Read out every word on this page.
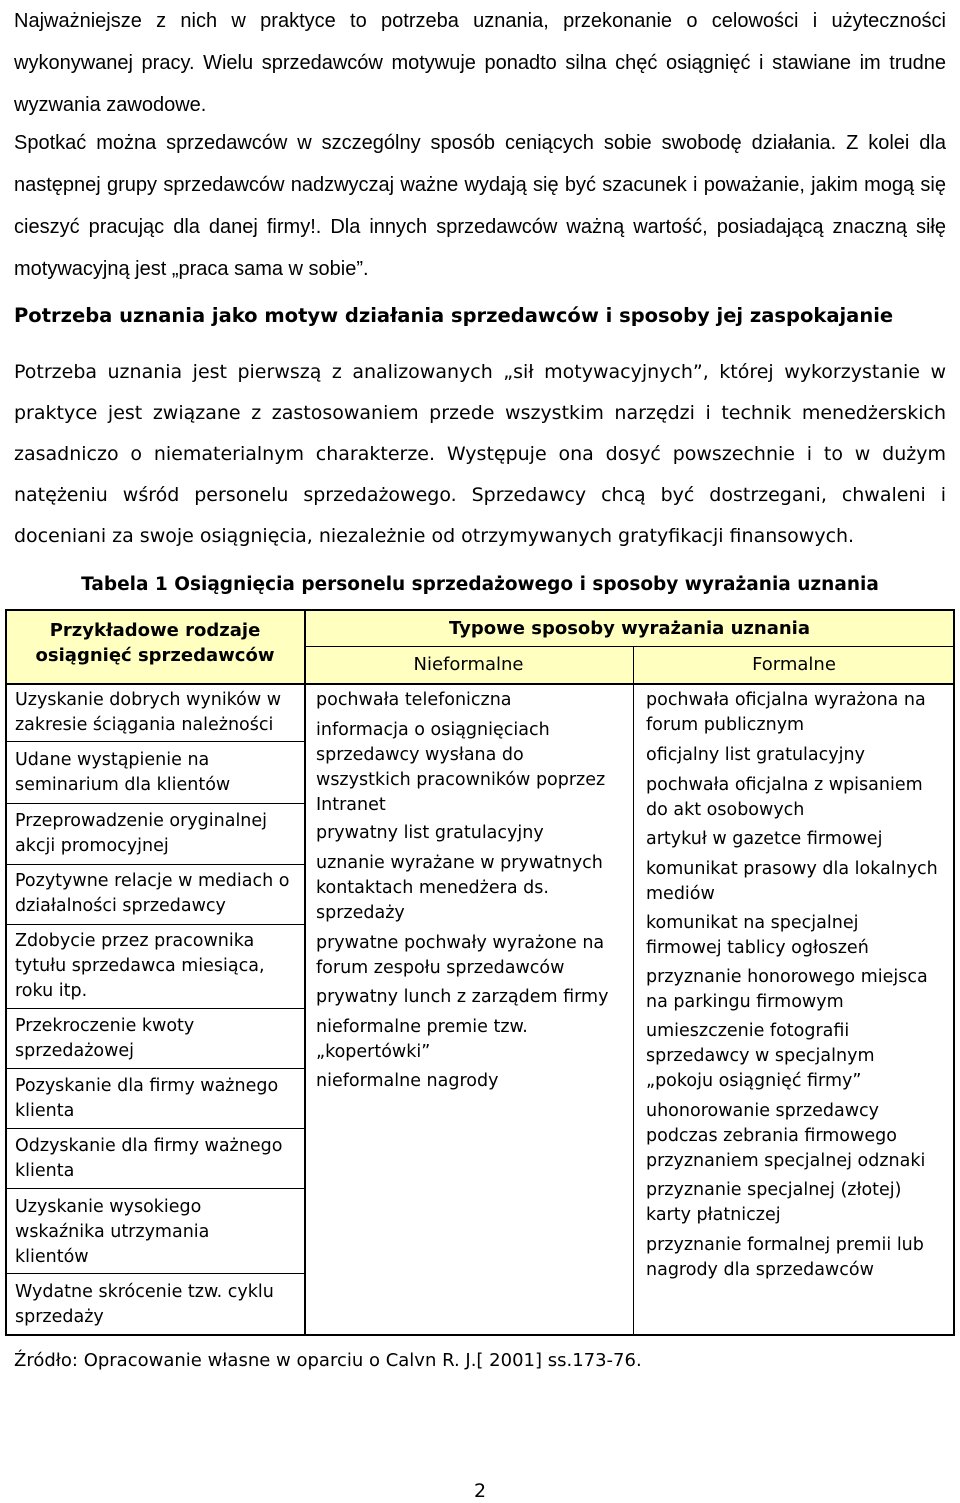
Najważniejsze z nich w praktyce to potrzeba uznania, przekonanie o celowości i użyteczności wykonywanej pracy. Wielu sprzedawców motywuje ponadto silna chęć osiągnięć i stawiane im trudne wyzwania zawodowe.

Spotkać można sprzedawców w szczególny sposób ceniących sobie swobodę działania. Z kolei dla następnej grupy sprzedawców nadzwyczaj ważne wydają się być szacunek i poważanie, jakim mogą się cieszyć pracując dla danej firmy!. Dla innych sprzedawców ważną wartość, posiadającą znaczną siłę motywacyjną jest „praca sama w sobie”.

Potrzeba uznania jako motyw działania sprzedawców i sposoby jej zaspokajanie

Potrzeba uznania jest pierwszą z analizowanych „sił motywacyjnych”, której wykorzystanie w praktyce jest związane z zastosowaniem przede wszystkim narzędzi i technik menedżerskich zasadniczo o niematerialnym charakterze. Występuje ona dosyć powszechnie i to w dużym natężeniu wśród personelu sprzedażowego. Sprzedawcy chcą być dostrzegani, chwaleni i doceniani za swoje osiągnięcia, niezależnie od otrzymywanych gratyfikacji finansowych.

Tabela 1 Osiągnięcia personelu sprzedażowego i sposoby wyrażania uznania

Przykładowe rodzaje osiągnięć sprzedawców
Typowe sposoby wyrażania uznania
Nieformalne	Formalne
Uzyskanie dobrych wyników w zakresie ściągania należności
Udane wystąpienie na seminarium dla klientów
Przeprowadzenie oryginalnej akcji promocyjnej
Pozytywne relacje w mediach o działalności sprzedawcy
Zdobycie przez pracownika tytułu sprzedawca miesiąca, roku itp.
Przekroczenie kwoty sprzedażowej
Pozyskanie dla firmy ważnego klienta
Odzyskanie dla firmy ważnego klienta
Uzyskanie wysokiego wskaźnika utrzymania klientów
Wydatne skrócenie tzw. cyklu sprzedaży
pochwała telefoniczna
informacja o osiągnięciach sprzedawcy wysłana do wszystkich pracowników poprzez Intranet
prywatny list gratulacyjny
uznanie wyrażane w prywatnych kontaktach menedżera ds. sprzedaży
prywatne pochwały wyrażone na forum zespołu sprzedawców
prywatny lunch z zarządem firmy
nieformalne premie tzw. „kopertówki”
nieformalne nagrody
pochwała oficjalna wyrażona na forum publicznym
oficjalny list gratulacyjny
pochwała oficjalna z wpisaniem do akt osobowych
artykuł w gazetce firmowej
komunikat prasowy dla lokalnych mediów
komunikat na specjalnej firmowej tablicy ogłoszeń
przyznanie honorowego miejsca na parkingu firmowym
umieszczenie fotografii sprzedawcy w specjalnym „pokoju osiągnięć firmy”
uhonorowanie sprzedawcy podczas zebrania firmowego przyznaniem specjalnej odznaki
przyznanie specjalnej (złotej) karty płatniczej
przyznanie formalnej premii lub nagrody dla sprzedawców

Źródło: Opracowanie własne w oparciu o Calvn R. J.[ 2001] ss.173-76.

2
